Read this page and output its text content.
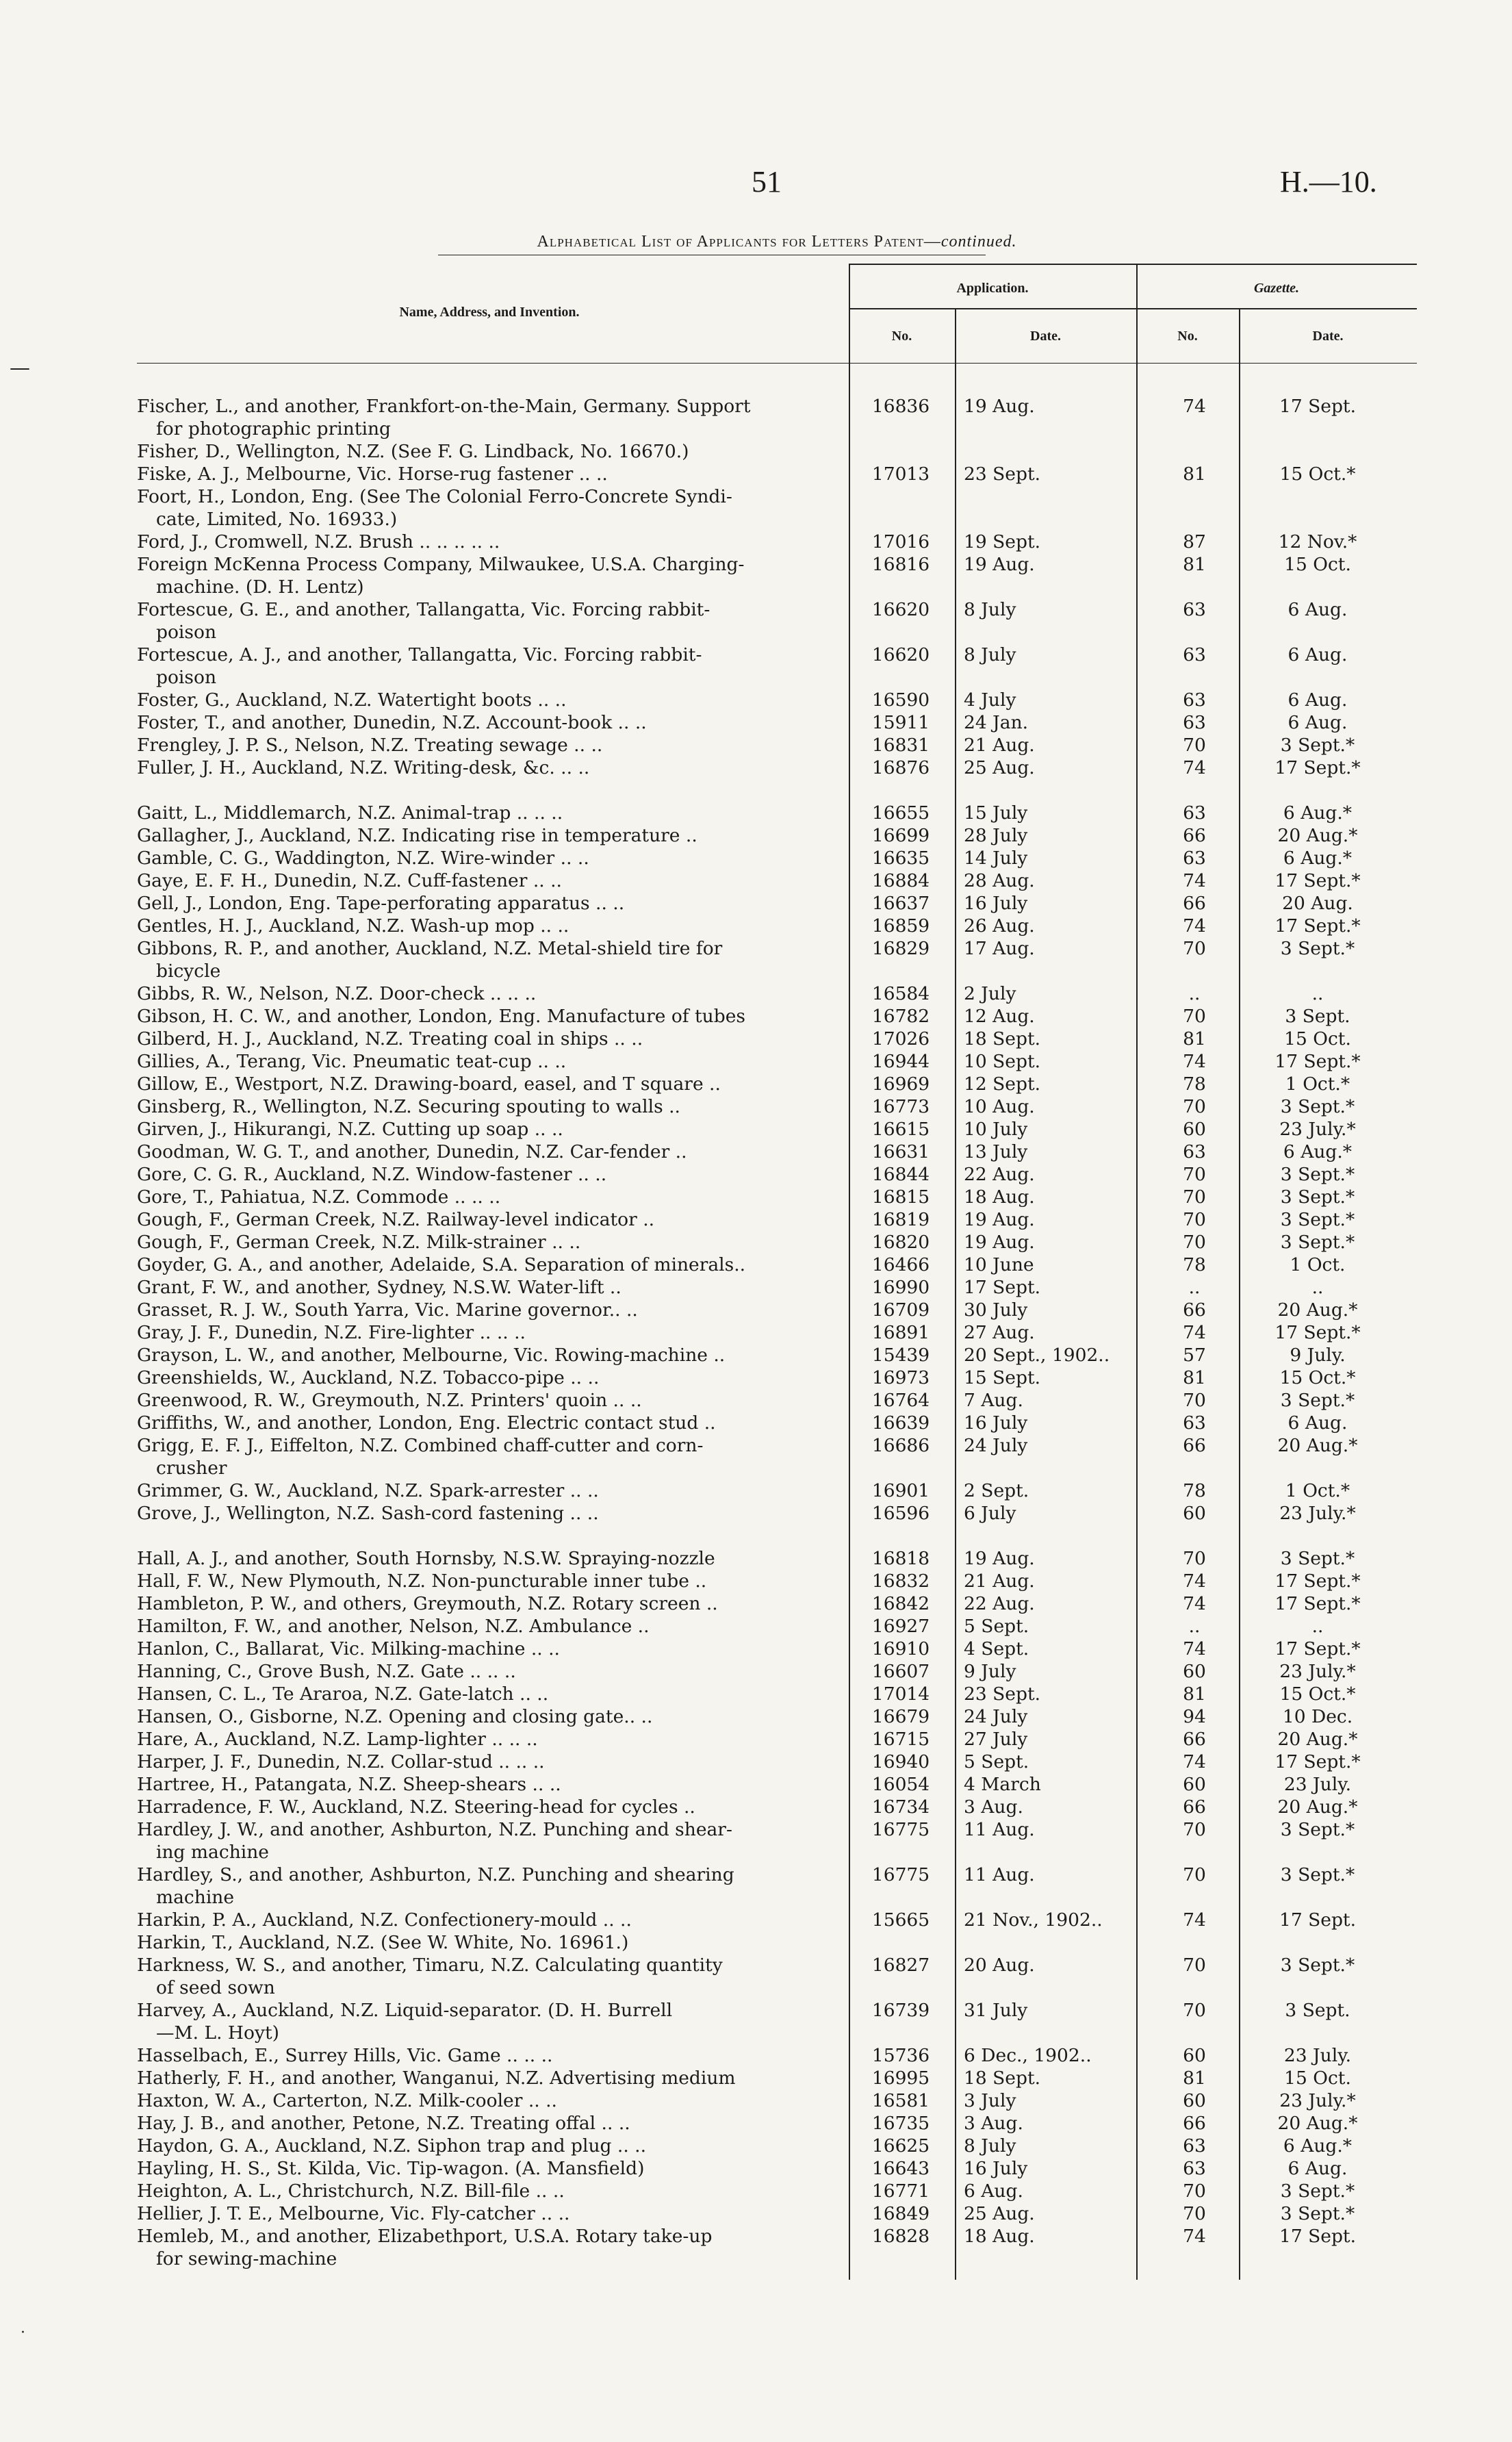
51	H.—10.
Alphabetical List of Applicants for Letters Patent—continued.
Name, Address, and Invention.
Application.	Gazette.
No.	Date.	No.	Date.
—
·
Fischer, L., and another, Frankfort-on-the-Main, Germany. Support
for photographic printing
16836	19 Aug.	74	17 Sept.
Fisher, D., Wellington, N.Z. (See F. G. Lindback, No. 16670.)
Fiske, A. J., Melbourne, Vic. Horse-rug fastener .. ..	17013	23 Sept.	81	15 Oct.*
Foort, H., London, Eng. (See The Colonial Ferro-Concrete Syndi-
cate, Limited, No. 16933.)
Ford, J., Cromwell, N.Z. Brush .. .. .. .. ..	17016	19 Sept.	87	12 Nov.*
Foreign McKenna Process Company, Milwaukee, U.S.A. Charging-
machine. (D. H. Lentz)
16816	19 Aug.	81	15 Oct.
Fortescue, G. E., and another, Tallangatta, Vic. Forcing rabbit-
poison
16620	8 July	63	6 Aug.
Fortescue, A. J., and another, Tallangatta, Vic. Forcing rabbit-
poison
16620	8 July	63	6 Aug.
Foster, G., Auckland, N.Z. Watertight boots .. ..	16590	4 July	63	6 Aug.
Foster, T., and another, Dunedin, N.Z. Account-book .. ..	15911	24 Jan.	63	6 Aug.
Frengley, J. P. S., Nelson, N.Z. Treating sewage .. ..	16831	21 Aug.	70	3 Sept.*
Fuller, J. H., Auckland, N.Z. Writing-desk, &c. .. ..	16876	25 Aug.	74	17 Sept.*
Gaitt, L., Middlemarch, N.Z. Animal-trap .. .. ..	16655	15 July	63	6 Aug.*
Gallagher, J., Auckland, N.Z. Indicating rise in temperature ..	16699	28 July	66	20 Aug.*
Gamble, C. G., Waddington, N.Z. Wire-winder .. ..	16635	14 July	63	6 Aug.*
Gaye, E. F. H., Dunedin, N.Z. Cuff-fastener .. ..	16884	28 Aug.	74	17 Sept.*
Gell, J., London, Eng. Tape-perforating apparatus .. ..	16637	16 July	66	20 Aug.
Gentles, H. J., Auckland, N.Z. Wash-up mop .. ..	16859	26 Aug.	74	17 Sept.*
Gibbons, R. P., and another, Auckland, N.Z. Metal-shield tire for
bicycle
16829	17 Aug.	70	3 Sept.*
Gibbs, R. W., Nelson, N.Z. Door-check .. .. ..	16584	2 July	..	..
Gibson, H. C. W., and another, London, Eng. Manufacture of tubes	16782	12 Aug.	70	3 Sept.
Gilberd, H. J., Auckland, N.Z. Treating coal in ships .. ..	17026	18 Sept.	81	15 Oct.
Gillies, A., Terang, Vic. Pneumatic teat-cup .. ..	16944	10 Sept.	74	17 Sept.*
Gillow, E., Westport, N.Z. Drawing-board, easel, and T square ..	16969	12 Sept.	78	1 Oct.*
Ginsberg, R., Wellington, N.Z. Securing spouting to walls ..	16773	10 Aug.	70	3 Sept.*
Girven, J., Hikurangi, N.Z. Cutting up soap .. ..	16615	10 July	60	23 July.*
Goodman, W. G. T., and another, Dunedin, N.Z. Car-fender ..	16631	13 July	63	6 Aug.*
Gore, C. G. R., Auckland, N.Z. Window-fastener .. ..	16844	22 Aug.	70	3 Sept.*
Gore, T., Pahiatua, N.Z. Commode .. .. ..	16815	18 Aug.	70	3 Sept.*
Gough, F., German Creek, N.Z. Railway-level indicator ..	16819	19 Aug.	70	3 Sept.*
Gough, F., German Creek, N.Z. Milk-strainer .. ..	16820	19 Aug.	70	3 Sept.*
Goyder, G. A., and another, Adelaide, S.A. Separation of minerals..	16466	10 June	78	1 Oct.
Grant, F. W., and another, Sydney, N.S.W. Water-lift ..	16990	17 Sept.	..	..
Grasset, R. J. W., South Yarra, Vic. Marine governor.. ..	16709	30 July	66	20 Aug.*
Gray, J. F., Dunedin, N.Z. Fire-lighter .. .. ..	16891	27 Aug.	74	17 Sept.*
Grayson, L. W., and another, Melbourne, Vic. Rowing-machine ..	15439	20 Sept., 1902..	57	9 July.
Greenshields, W., Auckland, N.Z. Tobacco-pipe .. ..	16973	15 Sept.	81	15 Oct.*
Greenwood, R. W., Greymouth, N.Z. Printers' quoin .. ..	16764	7 Aug.	70	3 Sept.*
Griffiths, W., and another, London, Eng. Electric contact stud ..	16639	16 July	63	6 Aug.
Grigg, E. F. J., Eiffelton, N.Z. Combined chaff-cutter and corn-
crusher
16686	24 July	66	20 Aug.*
Grimmer, G. W., Auckland, N.Z. Spark-arrester .. ..	16901	2 Sept.	78	1 Oct.*
Grove, J., Wellington, N.Z. Sash-cord fastening .. ..	16596	6 July	60	23 July.*
Hall, A. J., and another, South Hornsby, N.S.W. Spraying-nozzle	16818	19 Aug.	70	3 Sept.*
Hall, F. W., New Plymouth, N.Z. Non-puncturable inner tube ..	16832	21 Aug.	74	17 Sept.*
Hambleton, P. W., and others, Greymouth, N.Z. Rotary screen ..	16842	22 Aug.	74	17 Sept.*
Hamilton, F. W., and another, Nelson, N.Z. Ambulance ..	16927	5 Sept.	..	..
Hanlon, C., Ballarat, Vic. Milking-machine .. ..	16910	4 Sept.	74	17 Sept.*
Hanning, C., Grove Bush, N.Z. Gate .. .. ..	16607	9 July	60	23 July.*
Hansen, C. L., Te Araroa, N.Z. Gate-latch .. ..	17014	23 Sept.	81	15 Oct.*
Hansen, O., Gisborne, N.Z. Opening and closing gate.. ..	16679	24 July	94	10 Dec.
Hare, A., Auckland, N.Z. Lamp-lighter .. .. ..	16715	27 July	66	20 Aug.*
Harper, J. F., Dunedin, N.Z. Collar-stud .. .. ..	16940	5 Sept.	74	17 Sept.*
Hartree, H., Patangata, N.Z. Sheep-shears .. ..	16054	4 March	60	23 July.
Harradence, F. W., Auckland, N.Z. Steering-head for cycles ..	16734	3 Aug.	66	20 Aug.*
Hardley, J. W., and another, Ashburton, N.Z. Punching and shear-
ing machine
16775	11 Aug.	70	3 Sept.*
Hardley, S., and another, Ashburton, N.Z. Punching and shearing
machine
16775	11 Aug.	70	3 Sept.*
Harkin, P. A., Auckland, N.Z. Confectionery-mould .. ..	15665	21 Nov., 1902..	74	17 Sept.
Harkin, T., Auckland, N.Z. (See W. White, No. 16961.)
Harkness, W. S., and another, Timaru, N.Z. Calculating quantity
of seed sown
16827	20 Aug.	70	3 Sept.*
Harvey, A., Auckland, N.Z. Liquid-separator. (D. H. Burrell
—M. L. Hoyt)
16739	31 July	70	3 Sept.
Hasselbach, E., Surrey Hills, Vic. Game .. .. ..	15736	6 Dec., 1902..	60	23 July.
Hatherly, F. H., and another, Wanganui, N.Z. Advertising medium	16995	18 Sept.	81	15 Oct.
Haxton, W. A., Carterton, N.Z. Milk-cooler .. ..	16581	3 July	60	23 July.*
Hay, J. B., and another, Petone, N.Z. Treating offal .. ..	16735	3 Aug.	66	20 Aug.*
Haydon, G. A., Auckland, N.Z. Siphon trap and plug .. ..	16625	8 July	63	6 Aug.*
Hayling, H. S., St. Kilda, Vic. Tip-wagon. (A. Mansfield)	16643	16 July	63	6 Aug.
Heighton, A. L., Christchurch, N.Z. Bill-file .. ..	16771	6 Aug.	70	3 Sept.*
Hellier, J. T. E., Melbourne, Vic. Fly-catcher .. ..	16849	25 Aug.	70	3 Sept.*
Hemleb, M., and another, Elizabethport, U.S.A. Rotary take-up
for sewing-machine
16828	18 Aug.	74	17 Sept.
